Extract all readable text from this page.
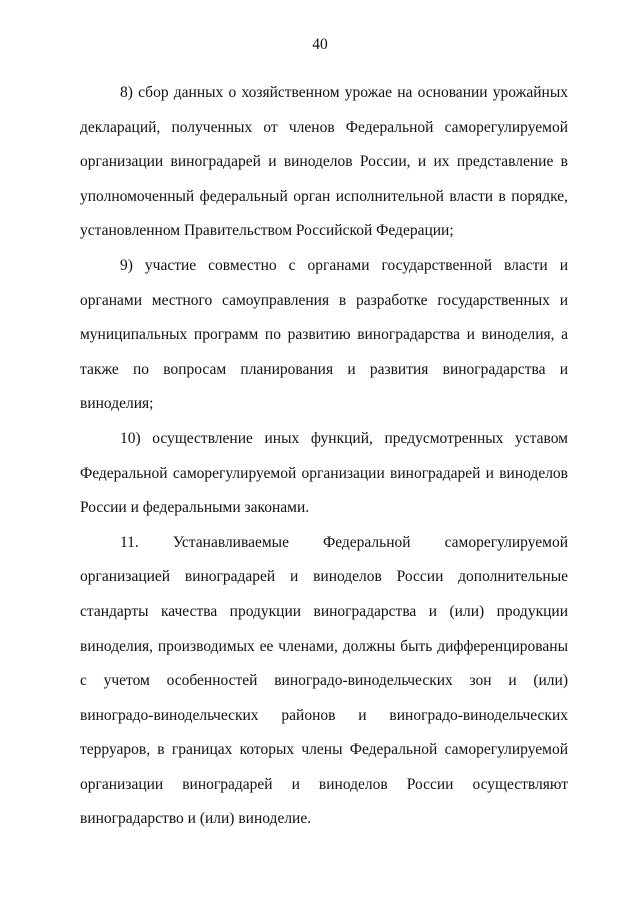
40

8) сбор данных о хозяйственном урожае на основании урожайных деклараций, полученных от членов Федеральной саморегулируемой организации виноградарей и виноделов России, и их представление в уполномоченный федеральный орган исполнительной власти в порядке, установленном Правительством Российской Федерации;

9) участие совместно с органами государственной власти и органами местного самоуправления в разработке государственных и муниципальных программ по развитию виноградарства и виноделия, а также по вопросам планирования и развития виноградарства и виноделия;

10) осуществление иных функций, предусмотренных уставом Федеральной саморегулируемой организации виноградарей и виноделов России и федеральными законами.

11. Устанавливаемые Федеральной саморегулируемой организацией виноградарей и виноделов России дополнительные стандарты качества продукции виноградарства и (или) продукции виноделия, производимых ее членами, должны быть дифференцированы с учетом особенностей виноградо-винодельческих зон и (или) виноградо-винодельческих районов и виноградо-винодельческих терруаров, в границах которых члены Федеральной саморегулируемой организации виноградарей и виноделов России осуществляют виноградарство и (или) виноделие.
